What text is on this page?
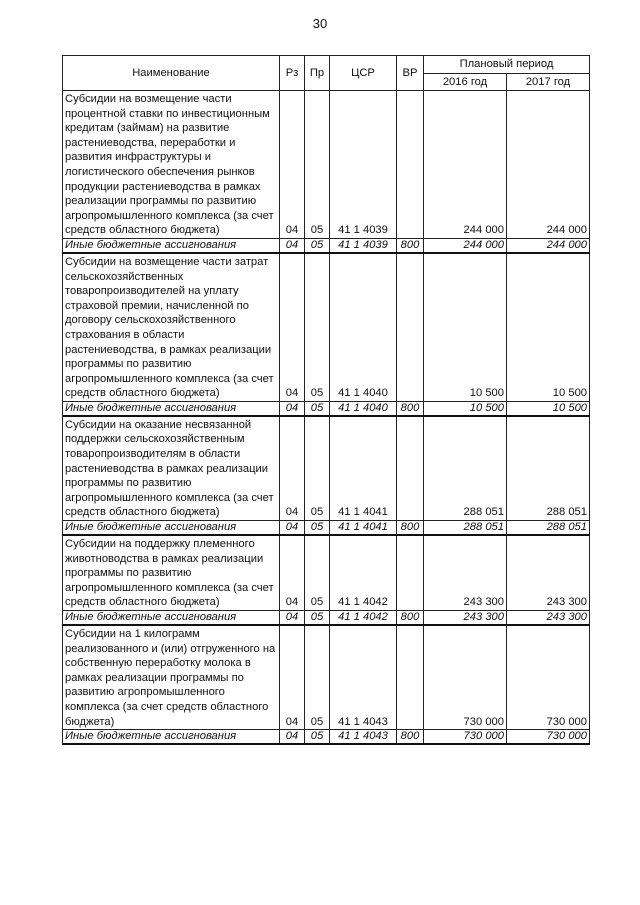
30
Наименование	Рз	Пр	ЦСР	ВР	Плановый период	
					2016 год	2017 год
Субсидии на возмещение части процентной ставки по инвестиционным кредитам (займам) на развитие растениеводства, переработки и развития инфраструктуры и логистического обеспечения рынков продукции растениеводства в рамках реализации программы по развитию агропромышленного комплекса (за счет средств областного бюджета)	04	05	41 1 4039		244 000	244 000
Иные бюджетные ассигнования	04	05	41 1 4039	800	244 000	244 000
Субсидии на возмещение части затрат сельскохозяйственных товаропроизводителей на уплату страховой премии, начисленной по договору сельскохозяйственного страхования в области растениеводства, в рамках реализации программы по развитию агропромышленного комплекса (за счет средств областного бюджета)	04	05	41 1 4040		10 500	10 500
Иные бюджетные ассигнования	04	05	41 1 4040	800	10 500	10 500
Субсидии на оказание несвязанной поддержки сельскохозяйственным товаропроизводителям в области растениеводства в рамках реализации программы по развитию агропромышленного комплекса (за счет средств областного бюджета)	04	05	41 1 4041		288 051	288 051
Иные бюджетные ассигнования	04	05	41 1 4041	800	288 051	288 051
Субсидии на поддержку племенного животноводства в рамках реализации программы по развитию агропромышленного комплекса (за счет средств областного бюджета)	04	05	41 1 4042		243 300	243 300
Иные бюджетные ассигнования	04	05	41 1 4042	800	243 300	243 300
Субсидии на 1 килограмм реализованного и (или) отгруженного на собственную переработку молока в рамках реализации программы по развитию агропромышленного комплекса (за счет средств областного бюджета)	04	05	41 1 4043		730 000	730 000
Иные бюджетные ассигнования	04	05	41 1 4043	800	730 000	730 000
